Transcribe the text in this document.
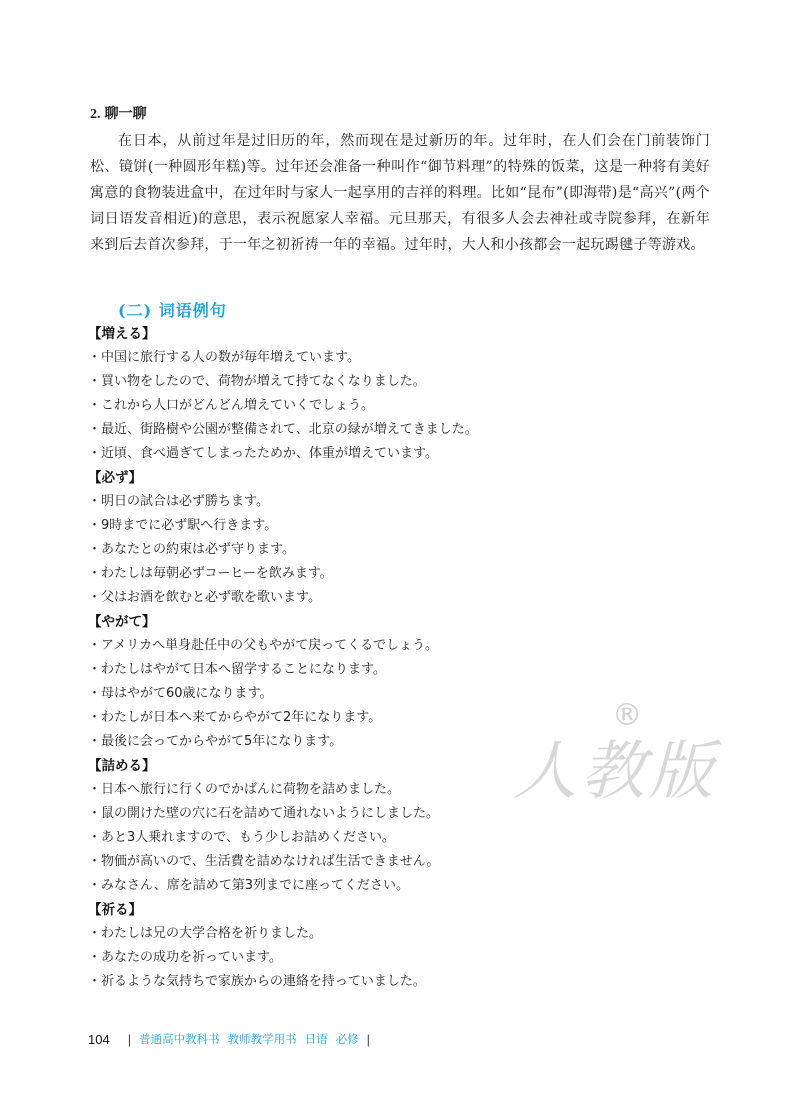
人教版
®
2. 聊一聊

在日本，从前过年是过旧历的年，然而现在是过新历的年。过年时，在人们会在门前装饰门松、镜饼(一种圆形年糕)等。过年还会准备一种叫作“御节料理”的特殊的饭菜，这是一种将有美好寓意的食物装进盒中，在过年时与家人一起享用的吉祥的料理。比如“昆布”(即海带)是“高兴”(两个词日语发音相近)的意思，表示祝愿家人幸福。元旦那天，有很多人会去神社或寺院参拜，在新年来到后去首次参拜，于一年之初祈祷一年的幸福。过年时，大人和小孩都会一起玩踢毽子等游戏。

(二) 词语例句
【増える】
・中国に旅行する人の数が毎年増えています。
・買い物をしたので、荷物が増えて持てなくなりました。
・これから人口がどんどん増えていくでしょう。
・最近、街路樹や公園が整備されて、北京の緑が増えてきました。
・近頃、食べ過ぎてしまったためか、体重が増えています。
【必ず】
・明日の試合は必ず勝ちます。
・9時までに必ず駅へ行きます。
・あなたとの約束は必ず守ります。
・わたしは毎朝必ずコーヒーを飲みます。
・父はお酒を飲むと必ず歌を歌います。
【やがて】
・アメリカへ単身赴任中の父もやがて戻ってくるでしょう。
・わたしはやがて日本へ留学することになります。
・母はやがて60歳になります。
・わたしが日本へ来てからやがて2年になります。
・最後に会ってからやがて5年になります。
【詰める】
・日本へ旅行に行くのでかばんに荷物を詰めました。
・鼠の開けた壁の穴に石を詰めて通れないようにしました。
・あと3人乗れますので、もう少しお詰めください。
・物価が高いので、生活費を詰めなければ生活できません。
・みなさん、席を詰めて第3列までに座ってください。
【祈る】
・わたしは兄の大学合格を祈りました。
・あなたの成功を祈っています。
・祈るような気持ちで家族からの連絡を持っていました。
104 | 普通高中教科书 教师教学用书 日语 必修 |
